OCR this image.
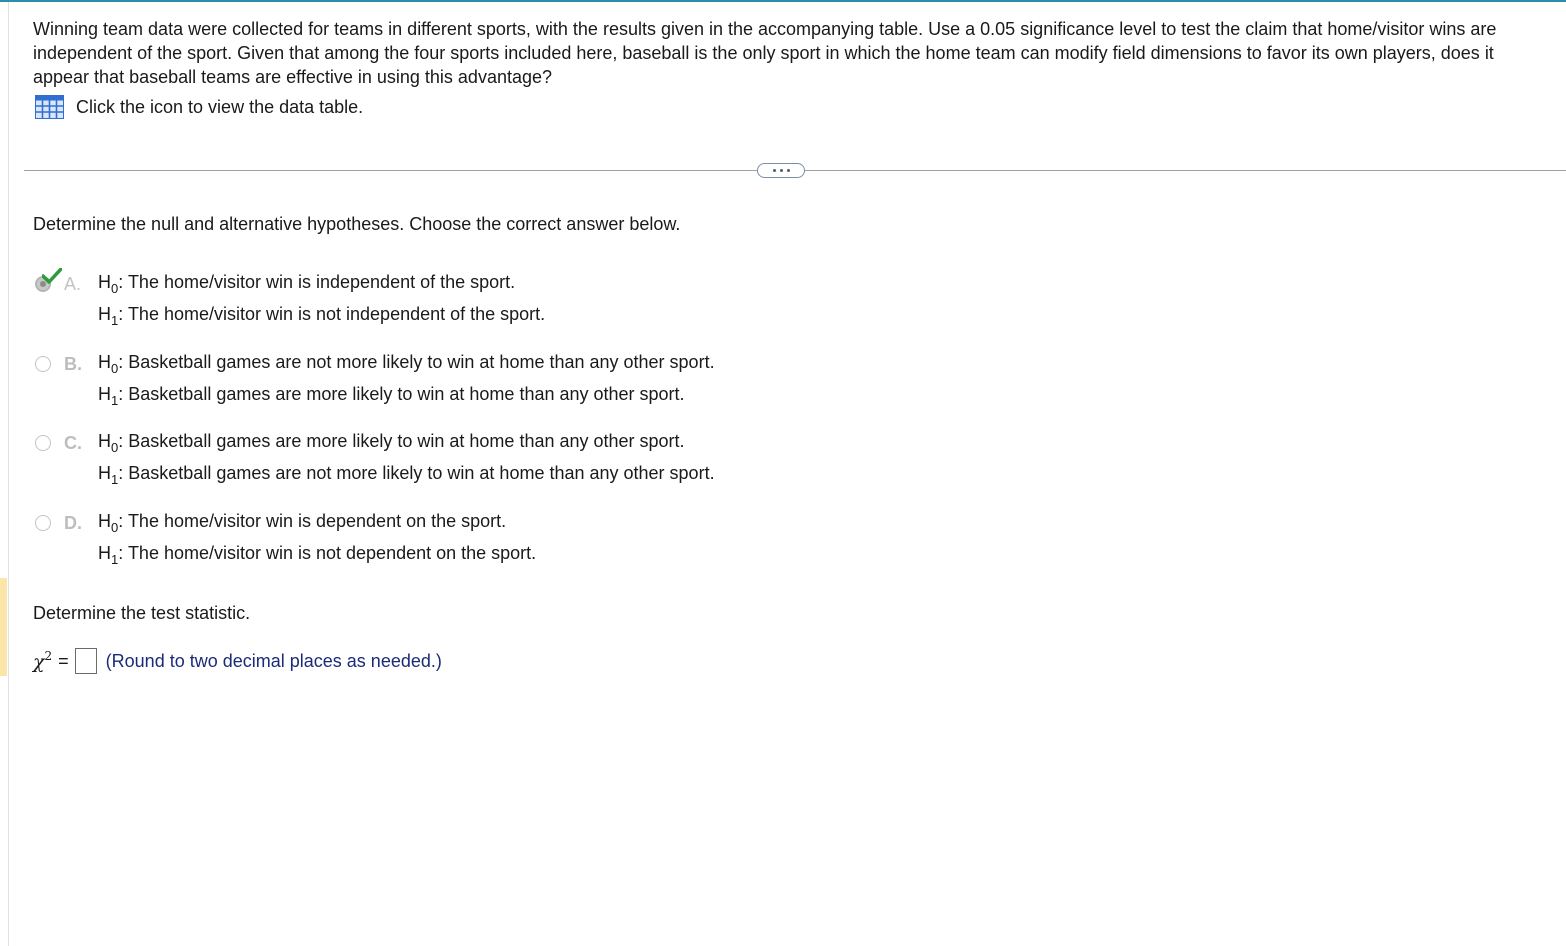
Winning team data were collected for teams in different sports, with the results given in the accompanying table. Use a 0.05 significance level to test the claim that home/visitor wins are independent of the sport. Given that among the four sports included here, baseball is the only sport in which the home team can modify field dimensions to favor its own players, does it appear that baseball teams are effective in using this advantage?
Click the icon to view the data table.
Determine the null and alternative hypotheses. Choose the correct answer below.
A. $H_0$: The home/visitor win is independent of the sport.
$H_1$: The home/visitor win is not independent of the sport.
B. $H_0$: Basketball games are not more likely to win at home than any other sport.
$H_1$: Basketball games are more likely to win at home than any other sport.
C. $H_0$: Basketball games are more likely to win at home than any other sport.
$H_1$: Basketball games are not more likely to win at home than any other sport.
D. $H_0$: The home/visitor win is dependent on the sport.
$H_1$: The home/visitor win is not dependent on the sport.
Determine the test statistic.
$\chi^2$ = (Round to two decimal places as needed.)
